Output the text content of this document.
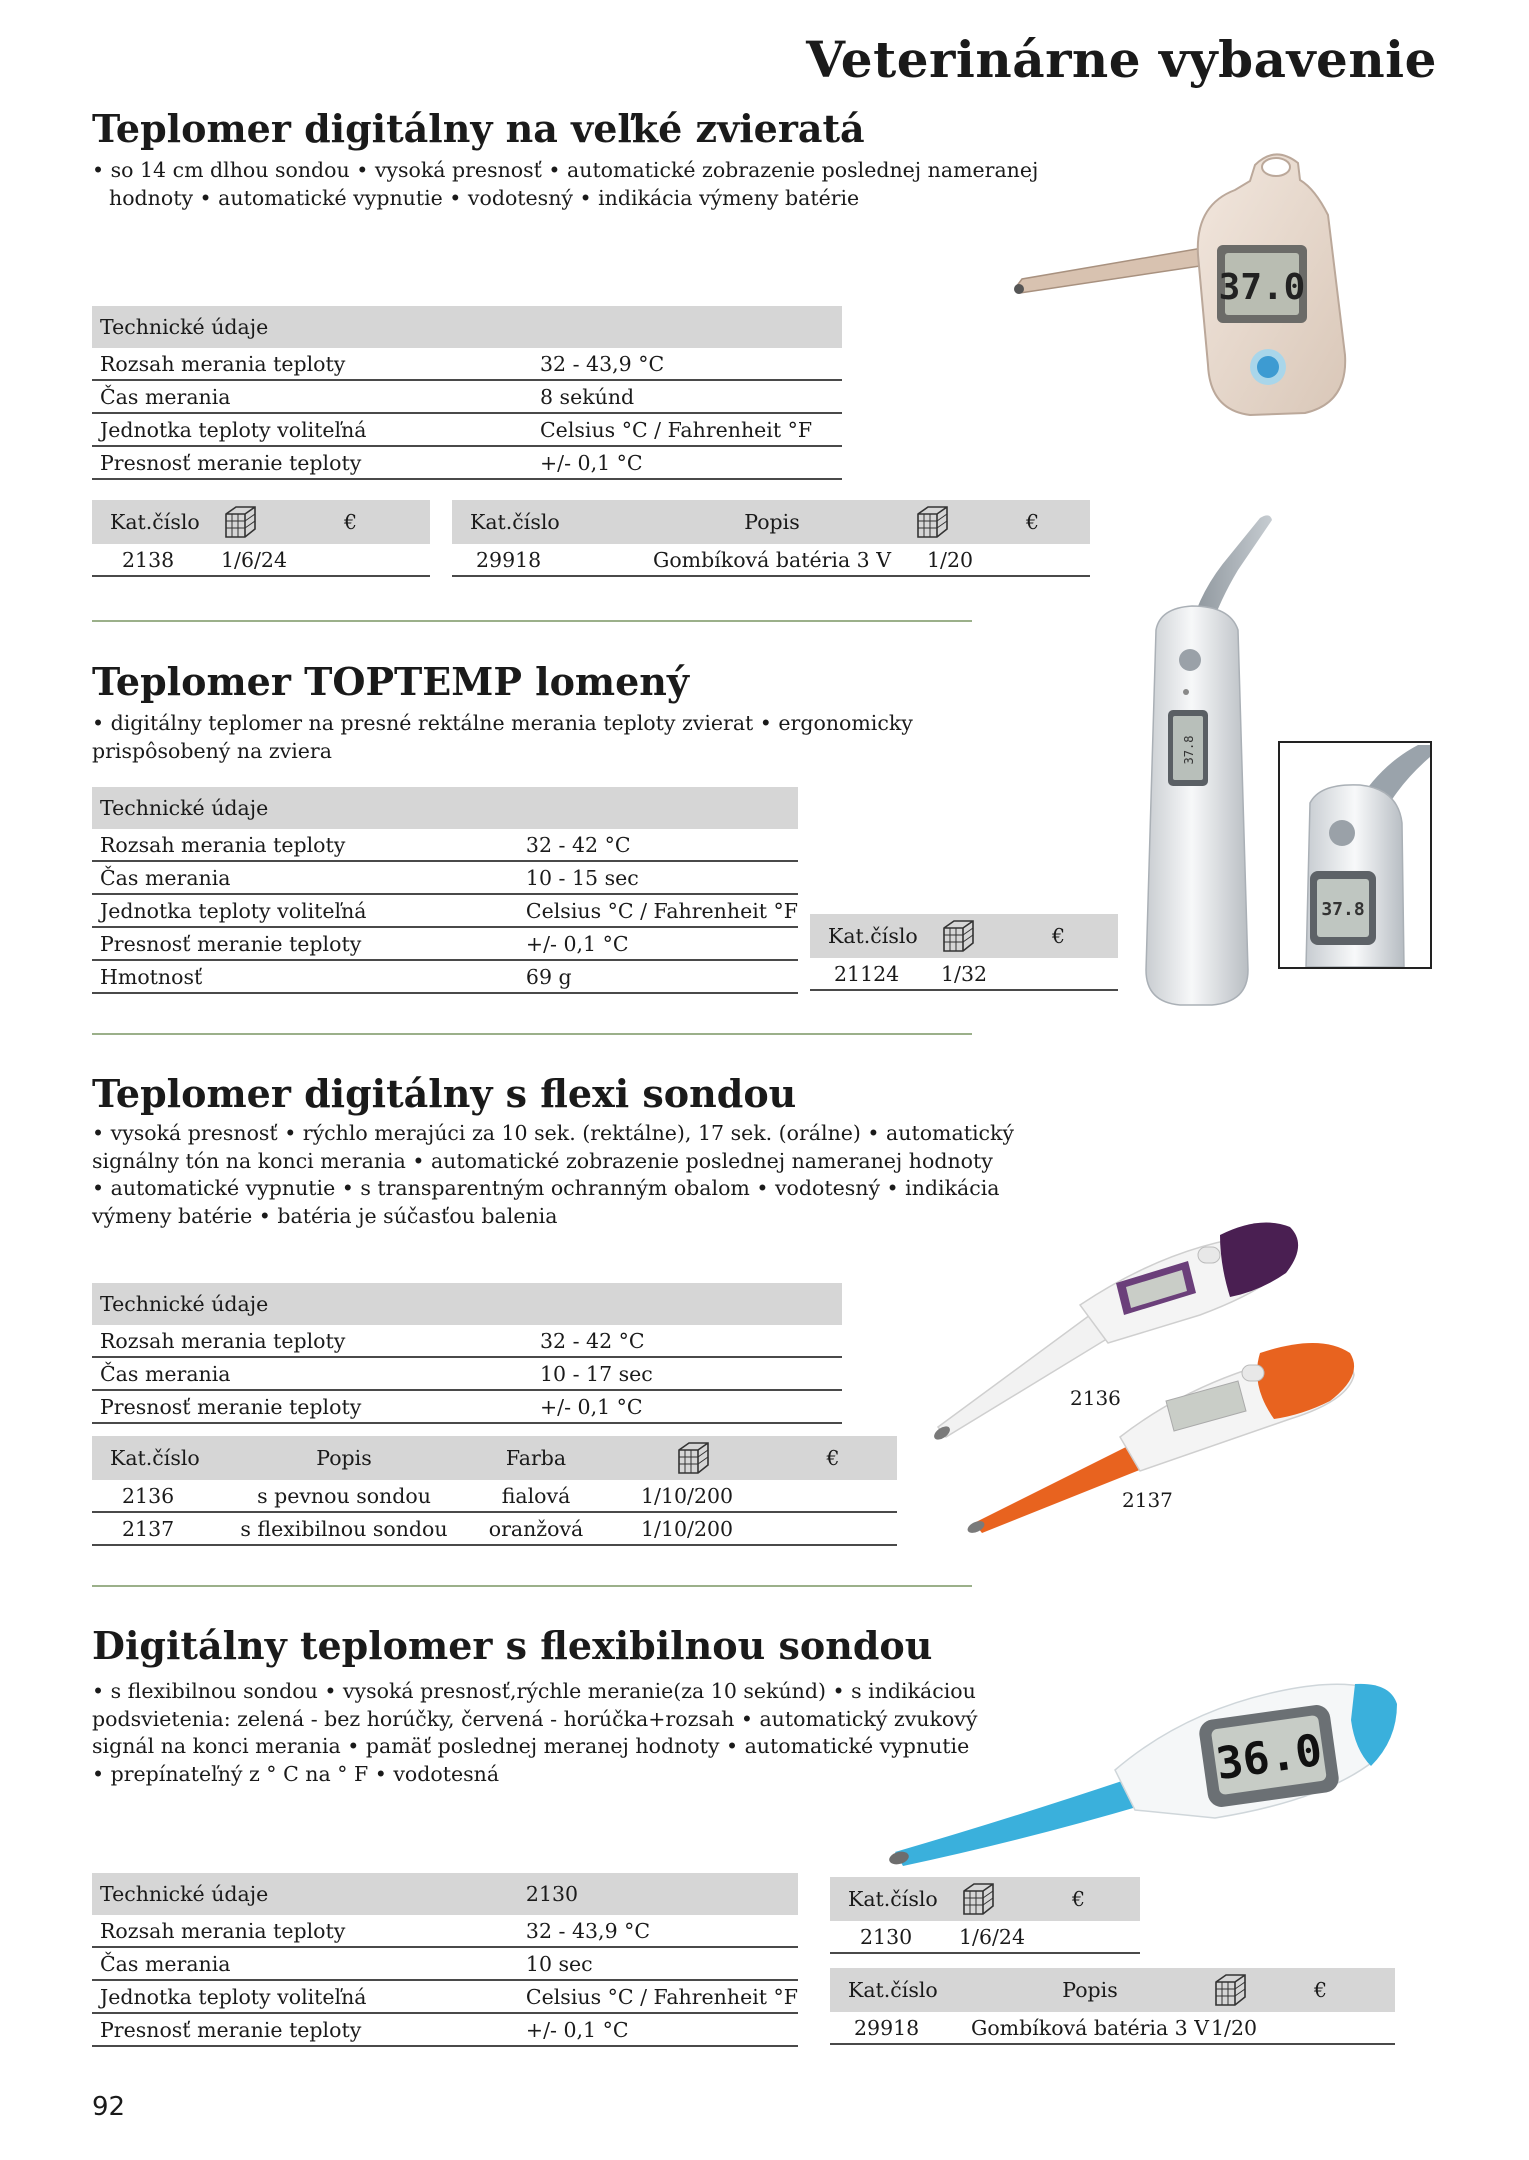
Veterinárne vybavenie
Teplomer digitálny na veľké zvieratá
• so 14 cm dlhou sondou • vysoká presnosť • automatické zobrazenie poslednej nameranej
hodnoty • automatické vypnutie • vodotesný • indikácia výmeny batérie
Technické údaje	
Rozsah merania teploty	32 - 43,9 °C
Čas merania	8 sekúnd
Jednotka teploty voliteľná	Celsius °C / Fahrenheit °F
Presnosť meranie teploty	+/- 0,1 °C
Kat.číslo		€
2138	1/6/24	
Kat.číslo	Popis		€
29918	Gombíková batéria 3 V	1/20	
37.0
Teplomer TOPTEMP lomený
• digitálny teplomer na presné rektálne merania teploty zvierat • ergonomicky
prispôsobený na zviera
Technické údaje	
Rozsah merania teploty	32 - 42 °C
Čas merania	10 - 15 sec
Jednotka teploty voliteľná	Celsius °C / Fahrenheit °F
Presnosť meranie teploty	+/- 0,1 °C
Hmotnosť	69 g
Kat.číslo		€
21124	1/32	
37.8
37.8
Teplomer digitálny s flexi sondou
• vysoká presnosť • rýchlo merajúci za 10 sek. (rektálne), 17 sek. (orálne) • automatický
signálny tón na konci merania • automatické zobrazenie poslednej nameranej hodnoty
• automatické vypnutie • s transparentným ochranným obalom • vodotesný • indikácia
výmeny batérie • batéria je súčasťou balenia
Technické údaje	
Rozsah merania teploty	32 - 42 °C
Čas merania	10 - 17 sec
Presnosť meranie teploty	+/- 0,1 °C
Kat.číslo	Popis	Farba		€
2136	s pevnou sondou	fialová	1/10/200	
2137	s flexibilnou sondou	oranžová	1/10/200	
2136
2137
Digitálny teplomer s flexibilnou sondou
• s flexibilnou sondou • vysoká presnosť,rýchle meranie(za 10 sekúnd) • s indikáciou
podsvietenia: zelená - bez horúčky, červená - horúčka+rozsah • automatický zvukový
signál na konci merania • pamäť poslednej meranej hodnoty • automatické vypnutie
• prepínateľný z ° C na ° F • vodotesná
Technické údaje	2130
Rozsah merania teploty	32 - 43,9 °C
Čas merania	10 sec
Jednotka teploty voliteľná	Celsius °C / Fahrenheit °F
Presnosť meranie teploty	+/- 0,1 °C
Kat.číslo		€
2130	1/6/24	
Kat.číslo	Popis		€
29918	Gombíková batéria 3 V	1/20	
36.0
92
